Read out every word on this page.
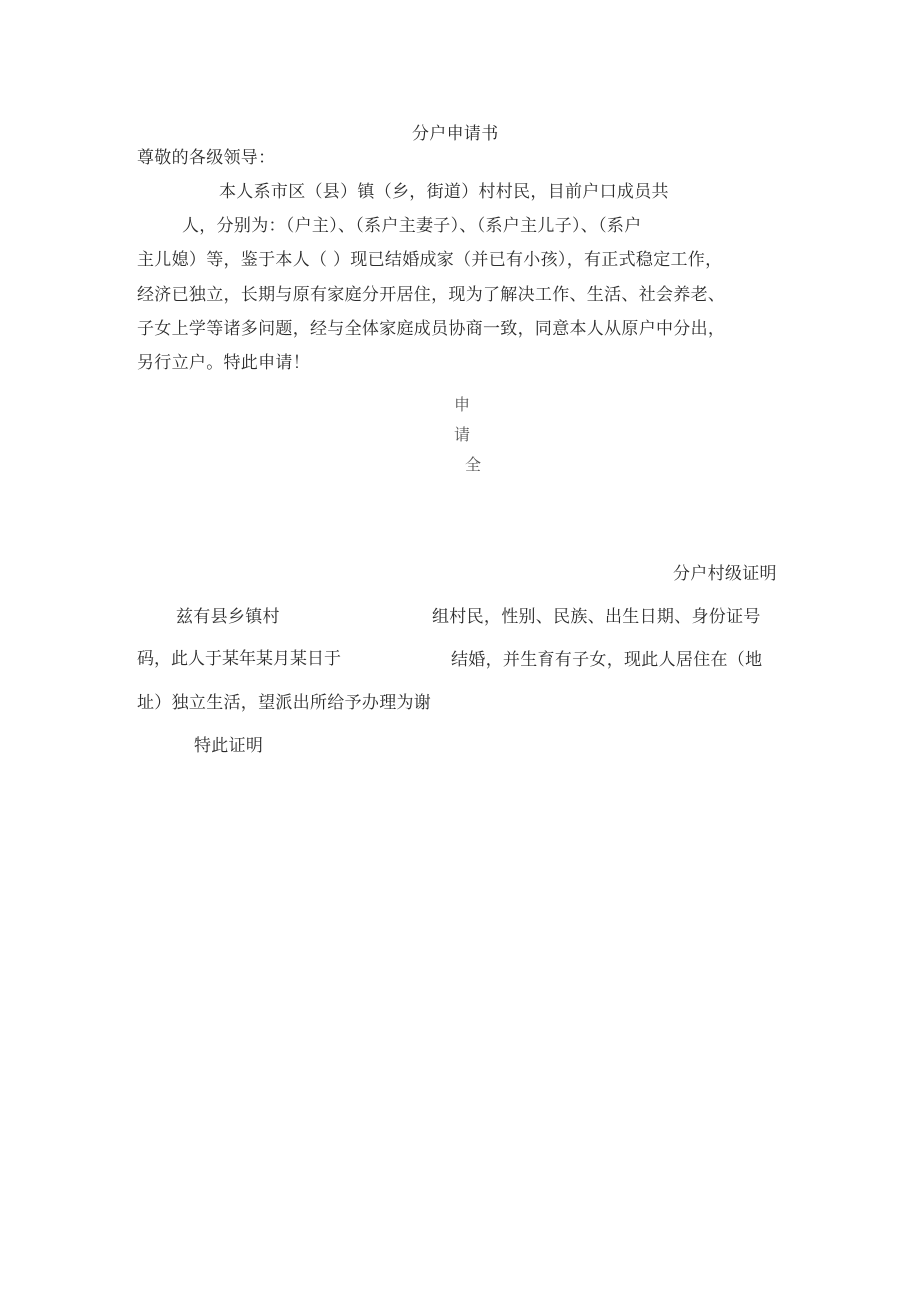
分户申请书
尊敬的各级领导：
本人系市区（县）镇（乡，街道）村村民，目前户口成员共
人，分别为：（户主）、（系户主妻子）、（系户主儿子）、（系户
主儿媳）等，鉴于本人（ ）现已结婚成家（并已有小孩），有正式稳定工作，
经济已独立，长期与原有家庭分开居住，现为了解决工作、生活、社会养老、
子女上学等诸多问题，经与全体家庭成员协商一致，同意本人从原户中分出，
另行立户。特此申请！
申
请
全
分户村级证明
兹有县乡镇村	组村民，性别、民族、出生日期、身份证号
码，此人于某年某月某日于	结婚，并生育有子女，现此人居住在（地
址）独立生活，望派出所给予办理为谢
特此证明
